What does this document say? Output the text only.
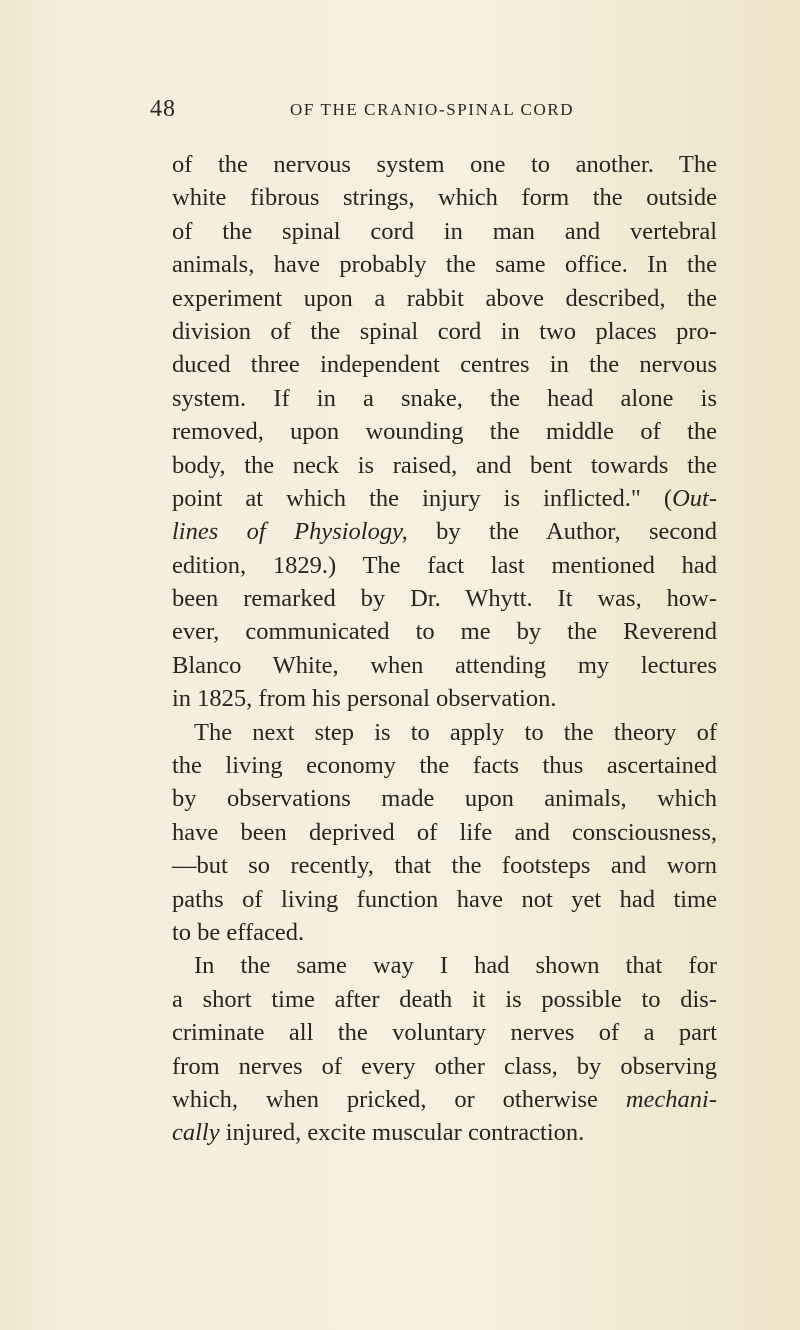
48	OF THE CRANIO-SPINAL CORD
of the nervous system one to another. The
white fibrous strings, which form the outside
of the spinal cord in man and vertebral
animals, have probably the same office. In the
experiment upon a rabbit above described, the
division of the spinal cord in two places pro-
duced three independent centres in the nervous
system. If in a snake, the head alone is
removed, upon wounding the middle of the
body, the neck is raised, and bent towards the
point at which the injury is inflicted." (Out-
lines of Physiology, by the Author, second
edition, 1829.) The fact last mentioned had
been remarked by Dr. Whytt. It was, how-
ever, communicated to me by the Reverend
Blanco White, when attending my lectures
in 1825, from his personal observation.
The next step is to apply to the theory of
the living economy the facts thus ascertained
by observations made upon animals, which
have been deprived of life and consciousness,
—but so recently, that the footsteps and worn
paths of living function have not yet had time
to be effaced.
In the same way I had shown that for
a short time after death it is possible to dis-
criminate all the voluntary nerves of a part
from nerves of every other class, by observing
which, when pricked, or otherwise mechani-
cally injured, excite muscular contraction.
